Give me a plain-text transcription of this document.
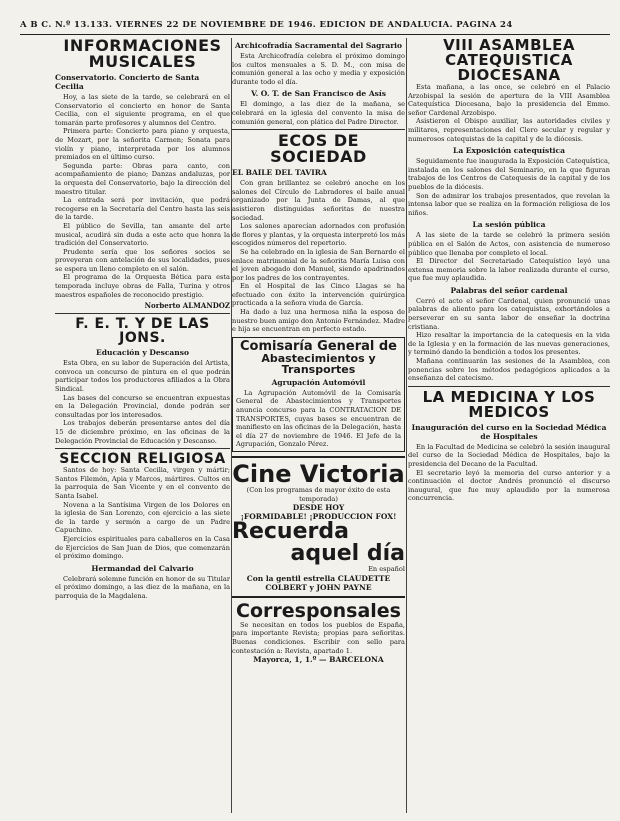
A B C. N.º 13.133. VIERNES 22 DE NOVIEMBRE DE 1946. EDICION DE ANDALUCIA. PAGINA 24
INFORMACIONES MUSICALES
Conservatorio. Concierto de Santa Cecilia

Hoy, a las siete de la tarde, se celebrará en el Conservatorio el concierto en honor de Santa Cecilia, con el siguiente programa, en el que tomarán parte profesores y alumnos del Centro.

Primera parte: Concierto para piano y orquesta, de Mozart, por la señorita Carmen; Sonata para violín y piano, interpretada por los alumnos premiados en el último curso.

Segunda parte: Obras para canto, con acompañamiento de piano; Danzas andaluzas, por la orquesta del Conservatorio, bajo la dirección del maestro titular.

La entrada será por invitación, que podrá recogerse en la Secretaría del Centro hasta las seis de la tarde.

El público de Sevilla, tan amante del arte musical, acudirá sin duda a este acto que honra la tradición del Conservatorio.

Prudente sería que los señores socios se proveyeran con antelación de sus localidades, pues se espera un lleno completo en el salón.

El programa de la Orquesta Bética para esta temporada incluye obras de Falla, Turina y otros maestros españoles de reconocido prestigio.

Norberto ALMANDOZ
F. E. T. Y DE LAS JONS.
Educación y Descanso

Esta Obra, en su labor de Superación del Artista, convoca un concurso de pintura en el que podrán participar todos los productores afiliados a la Obra Sindical.

Las bases del concurso se encuentran expuestas en la Delegación Provincial, donde podrán ser consultadas por los interesados.

Los trabajos deberán presentarse antes del día 15 de diciembre próximo, en las oficinas de la Delegación Provincial de Educación y Descanso.

SECCION RELIGIOSA

Santos de hoy: Santa Cecilia, virgen y mártir; Santos Filemón, Apia y Marcos, mártires. Cultos en la parroquia de San Vicente y en el convento de Santa Isabel.

Novena a la Santísima Virgen de los Dolores en la iglesia de San Lorenzo, con ejercicio a las siete de la tarde y sermón a cargo de un Padre Capuchino.

Ejercicios espirituales para caballeros en la Casa de Ejercicios de San Juan de Dios, que comenzarán el próximo domingo.

Hermandad del Calvario

Celebrará solemne función en honor de su Titular el próximo domingo, a las diez de la mañana, en la parroquia de la Magdalena.

Archicofradía Sacramental del Sagrario

Esta Archicofradía celebra el próximo domingo los cultos mensuales a S. D. M., con misa de comunión general a las ocho y media y exposición durante todo el día.

V. O. T. de San Francisco de Asís

El domingo, a las diez de la mañana, se celebrará en la iglesia del convento la misa de comunión general, con plática del Padre Director.

ECOS DE SOCIEDAD
EL BAILE DEL TAVIRA

Con gran brillantez se celebró anoche en los salones del Círculo de Labradores el baile anual organizado por la Junta de Damas, al que asistieron distinguidas señoritas de nuestra sociedad.

Los salones aparecían adornados con profusión de flores y plantas, y la orquesta interpretó los más escogidos números del repertorio.

Se ha celebrado en la iglesia de San Bernardo el enlace matrimonial de la señorita María Luisa con el joven abogado don Manuel, siendo apadrinados por los padres de los contrayentes.

En el Hospital de las Cinco Llagas se ha efectuado con éxito la intervención quirúrgica practicada a la señora viuda de García.

Ha dado a luz una hermosa niña la esposa de nuestro buen amigo don Antonio Fernández. Madre e hija se encuentran en perfecto estado.

Comisaría General de
Abastecimientos y Transportes
Agrupación Automóvil

La Agrupación Automóvil de la Comisaría General de Abastecimientos y Transportes anuncia concurso para la CONTRATACION DE TRANSPORTES, cuyas bases se encuentran de manifiesto en las oficinas de la Delegación, hasta el día 27 de noviembre de 1946. El Jefe de la Agrupación, Gonzalo Pérez.

Cine Victoria
(Con los programas de mayor éxito de esta temporada)
DESDE HOY
¡FORMIDABLE! ¡PRODUCCION FOX!
Recuerda
aquel día
En español
Con la gentil estrella CLAUDETTE COLBERT y JOHN PAYNE
Corresponsales

Se necesitan en todos los pueblos de España, para importante Revista; propias para señoritas. Buenas condiciones. Escribir con sello para contestación a: Revista, apartado 1.

Mayorca, 1, 1.º — BARCELONA
VIII ASAMBLEA CATEQUISTICA DIOCESANA

Esta mañana, a las once, se celebró en el Palacio Arzobispal la sesión de apertura de la VIII Asamblea Catequística Diocesana, bajo la presidencia del Emmo. señor Cardenal Arzobispo.

Asistieron el Obispo auxiliar, las autoridades civiles y militares, representaciones del Clero secular y regular y numerosos catequistas de la capital y de la diócesis.

La Exposición catequística

Seguidamente fue inaugurada la Exposición Catequística, instalada en los salones del Seminario, en la que figuran trabajos de los Centros de Catequesis de la capital y de los pueblos de la diócesis.

Son de admirar los trabajos presentados, que revelan la intensa labor que se realiza en la formación religiosa de los niños.

La sesión pública

A las siete de la tarde se celebró la primera sesión pública en el Salón de Actos, con asistencia de numeroso público que llenaba por completo el local.

El Director del Secretariado Catequístico leyó una extensa memoria sobre la labor realizada durante el curso, que fue muy aplaudida.

Palabras del señor cardenal

Cerró el acto el señor Cardenal, quien pronunció unas palabras de aliento para los catequistas, exhortándoles a perseverar en su santa labor de enseñar la doctrina cristiana.

Hizo resaltar la importancia de la catequesis en la vida de la Iglesia y en la formación de las nuevas generaciones, y terminó dando la bendición a todos los presentes.

Mañana continuarán las sesiones de la Asamblea, con ponencias sobre los métodos pedagógicos aplicados a la enseñanza del catecismo.

LA MEDICINA Y LOS MEDICOS
Inauguración del curso en la Sociedad Médica de Hospitales

En la Facultad de Medicina se celebró la sesión inaugural del curso de la Sociedad Médica de Hospitales, bajo la presidencia del Decano de la Facultad.

El secretario leyó la memoria del curso anterior y a continuación el doctor Andrés pronunció el discurso inaugural, que fue muy aplaudido por la numerosa concurrencia.
